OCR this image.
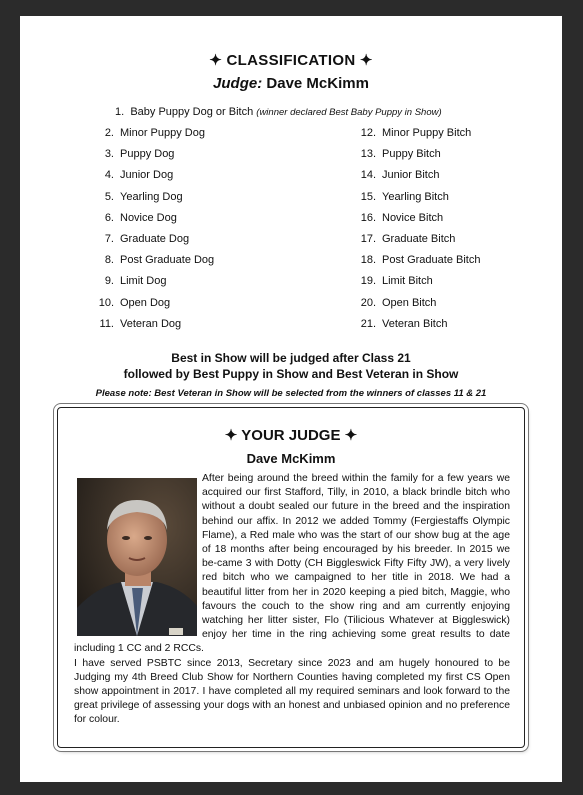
✦ CLASSIFICATION ✦
Judge: Dave McKimm
1. Baby Puppy Dog or Bitch (winner declared Best Baby Puppy in Show)
2. Minor Puppy Dog
3. Puppy Dog
4. Junior Dog
5. Yearling Dog
6. Novice Dog
7. Graduate Dog
8. Post Graduate Dog
9. Limit Dog
10. Open Dog
11. Veteran Dog
12. Minor Puppy Bitch
13. Puppy Bitch
14. Junior Bitch
15. Yearling Bitch
16. Novice Bitch
17. Graduate Bitch
18. Post Graduate Bitch
19. Limit Bitch
20. Open Bitch
21. Veteran Bitch
Best in Show will be judged after Class 21
followed by Best Puppy in Show and Best Veteran in Show
Please note: Best Veteran in Show will be selected from the winners of classes 11 & 21
✦ YOUR JUDGE ✦
Dave McKimm

After being around the breed within the family for a few years we acquired our first Stafford, Tilly, in 2010, a black brindle bitch who without a doubt sealed our future in the breed and the inspiration behind our affix. In 2012 we added Tommy (Fergiestaffs Olympic Flame), a Red male who was the start of our show bug at the age of 18 months after being encouraged by his breeder. In 2015 we be-came 3 with Dotty (CH Biggleswick Fifty Fifty JW), a very lively red bitch who we campaigned to her title in 2018. We had a beautiful litter from her in 2020 keeping a pied bitch, Maggie, who favours the couch to the show ring and am currently enjoying watching her litter sister, Flo (Tilicious Whatever at Biggleswick) enjoy her time in the ring achieving some great results to date including 1 CC and 2 RCCs.

I have served PSBTC since 2013, Secretary since 2023 and am hugely honoured to be Judging my 4th Breed Club Show for Northern Counties having completed my first CS Open show appointment in 2017. I have completed all my required seminars and look forward to the great privilege of assessing your dogs with an honest and unbiased opinion and no preference for colour.
